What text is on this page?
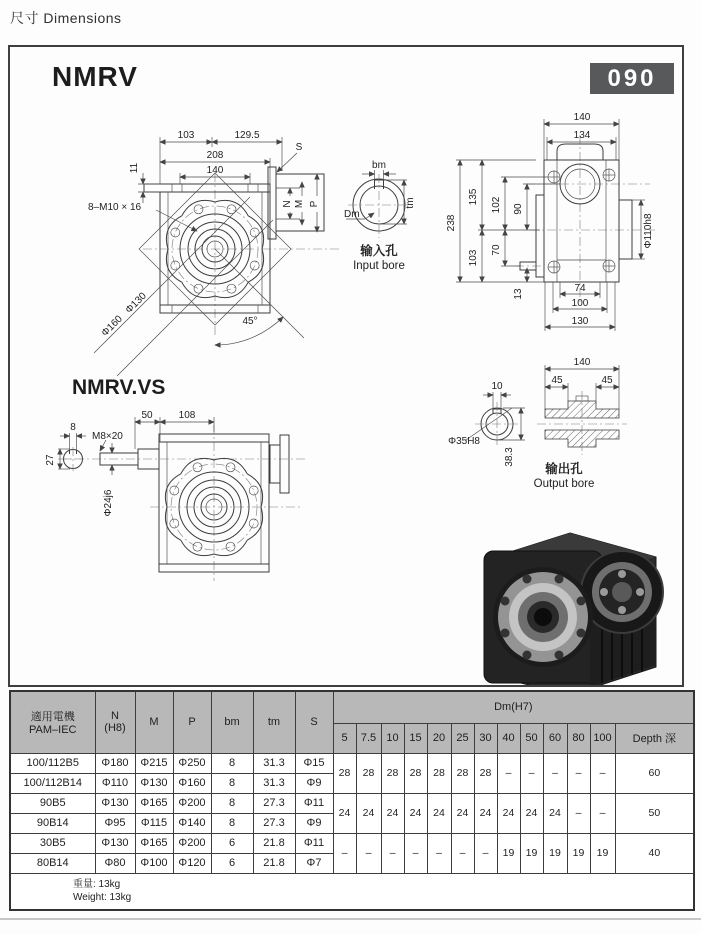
尺寸 Dimensions
103	129.5
208
140
11
8–M10 × 16
Φ130
Φ160	45°
S
N M P
bm
tm
Dm
输入孔
Input bore
140
134
238
135 102 90
103 70
13
Φ110h8
74
100
130
NMRV.VS
50	108
8
M8×20
27
Φ24j6
10
Φ35H8
38.3
140
45	45
输出孔
Output bore
NMRV	090
適用電機
PAM–IEC

N
(H8)	M	P	bm	tm	S	Dm(H7)
							5	7.5	10	15	20	25	30	40	50	60	80	100	Depth 深
100/112B5	Φ180	Φ215	Φ250	8	31.3	Φ15	28	28	28	28	28	28	28	–	–	–	–	–	60
100/112B14	Φ110	Φ130	Φ160	8	31.3	Φ9													
90B5	Φ130	Φ165	Φ200	8	27.3	Φ11	24	24	24	24	24	24	24	24	24	24	–	–	50
90B14	Φ95	Φ115	Φ140	8	27.3	Φ9													
30B5	Φ130	Φ165	Φ200	6	21.8	Φ11	–	–	–	–	–	–	–	19	19	19	19	19	40
80B14	Φ80	Φ100	Φ120	6	21.8	Φ7													

重量: 13kg
Weight: 13kg																			
